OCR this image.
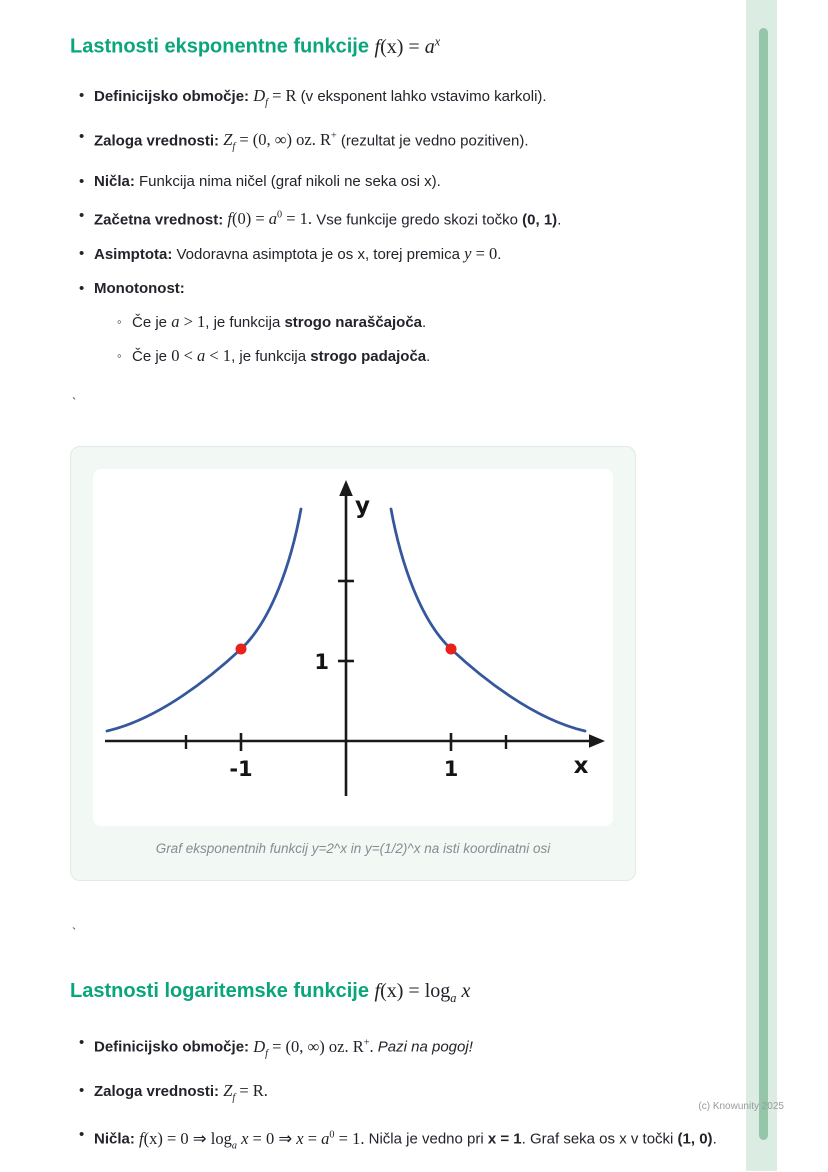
Lastnosti eksponentne funkcije $f(x) = a^x$
•

Definicijsko območje: $D_f = R$ (v eksponent lahko vstavimo karkoli).

•

Zaloga vrednosti: $Z_f = (0$, ∞) oz. R+ (rezultat je vedno pozitiven).

•

Ničla: Funkcija nima ničel (graf nikoli ne seka osi x).

•

Začetna vrednost: $f(0) = a^0 = 1$. Vse funkcije gredo skozi točko (0, 1).

•

Asimptota: Vodoravna asimptota je os x, torej premica y = 0.

•
Monotonost:
◦

Če je a > 1, je funkcija strogo naraščajoča.

◦

Če je 0 < a < 1, je funkcija strogo padajoča.

`

y
x
-1	1
1
Graf eksponentnih funkcij y=2^x in y=(1/2)^x na isti koordinatni osi

`

Lastnosti logaritemske funkcije $f(x) = \log_a x$
•

Definicijsko območje: $D_f = (0$, ∞) oz. R+. Pazi na pogoj!

•

Zaloga vrednosti: $Z_f = R$.

•

Ničla: f(x) = 0 ⇒ $\log_a x = 0$ ⇒ $x = a^0 = 1$. Ničla je vedno pri x = 1. Graf seka os x v točki (1, 0).

(c) Knowunity 2025
